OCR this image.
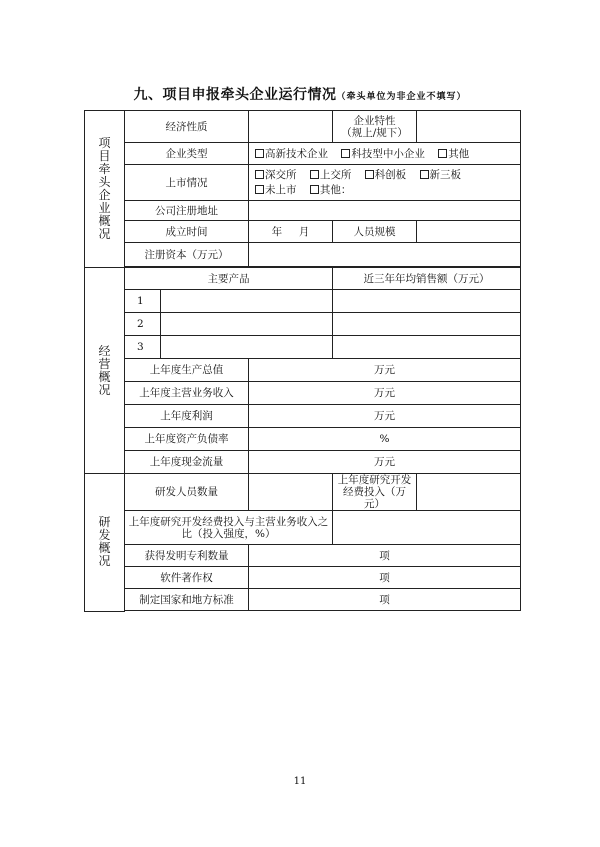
九、项目申报牵头企业运行情况（牵头单位为非企业不填写）
项目牵头企业概况	经济性质			企业特性
（规上/规下）	
	企业类型		高新技术企业 科技型中小企业 其他		
	上市情况		深交所 上交所 科创板 新三板
未上市 其他：		
	公司注册地址				
	成立时间		年 月	人员规模	
	注册资本（万元）				

经营概况	主要产品			近三年年均销售额（万元）	
	1				
	2				
	3				
	上年度生产总值		万元		
	上年度主营业务收入		万元		
	上年度利润		万元		
	上年度资产负债率		%		
	上年度现金流量		万元		
研发概况	研发人员数量			上年度研究开发经费投入（万元）	
	上年度研究开发经费投入与主营业务收入之比（投入强度，%）				
	获得发明专利数量		项		
	软件著作权		项		
	制定国家和地方标准		项		

11
